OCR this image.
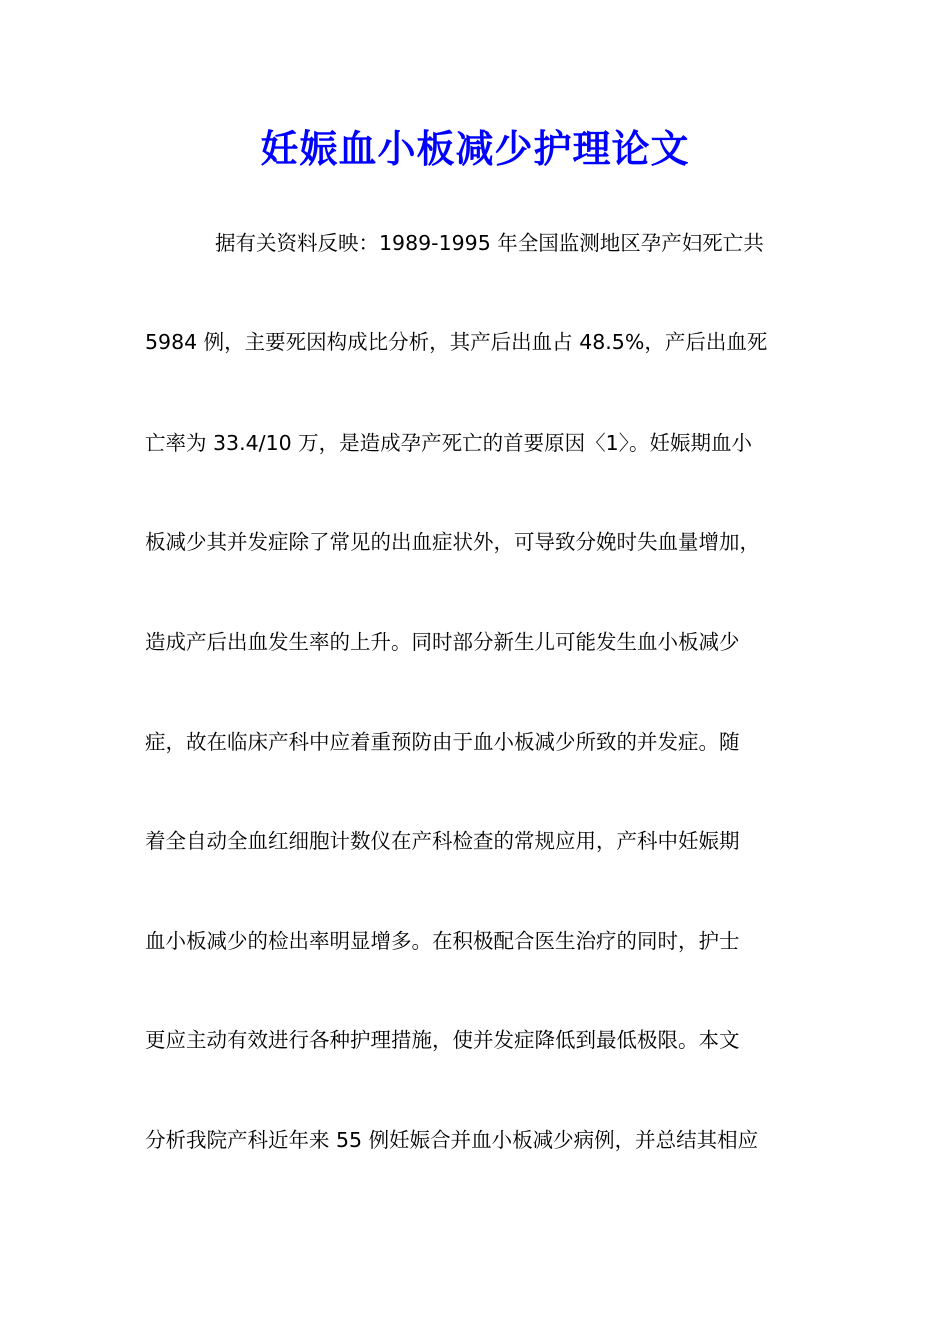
妊娠血小板减少护理论文
据有关资料反映：1989-1995 年全国监测地区孕产妇死亡共
5984 例，主要死因构成比分析，其产后出血占 48.5%，产后出血死
亡率为 33.4/10 万，是造成孕产死亡的首要原因〈1〉。妊娠期血小
板减少其并发症除了常见的出血症状外，可导致分娩时失血量增加，
造成产后出血发生率的上升。同时部分新生儿可能发生血小板减少
症，故在临床产科中应着重预防由于血小板减少所致的并发症。随
着全自动全血红细胞计数仪在产科检查的常规应用，产科中妊娠期
血小板减少的检出率明显增多。在积极配合医生治疗的同时，护士
更应主动有效进行各种护理措施，使并发症降低到最低极限。本文
分析我院产科近年来 55 例妊娠合并血小板减少病例，并总结其相应
